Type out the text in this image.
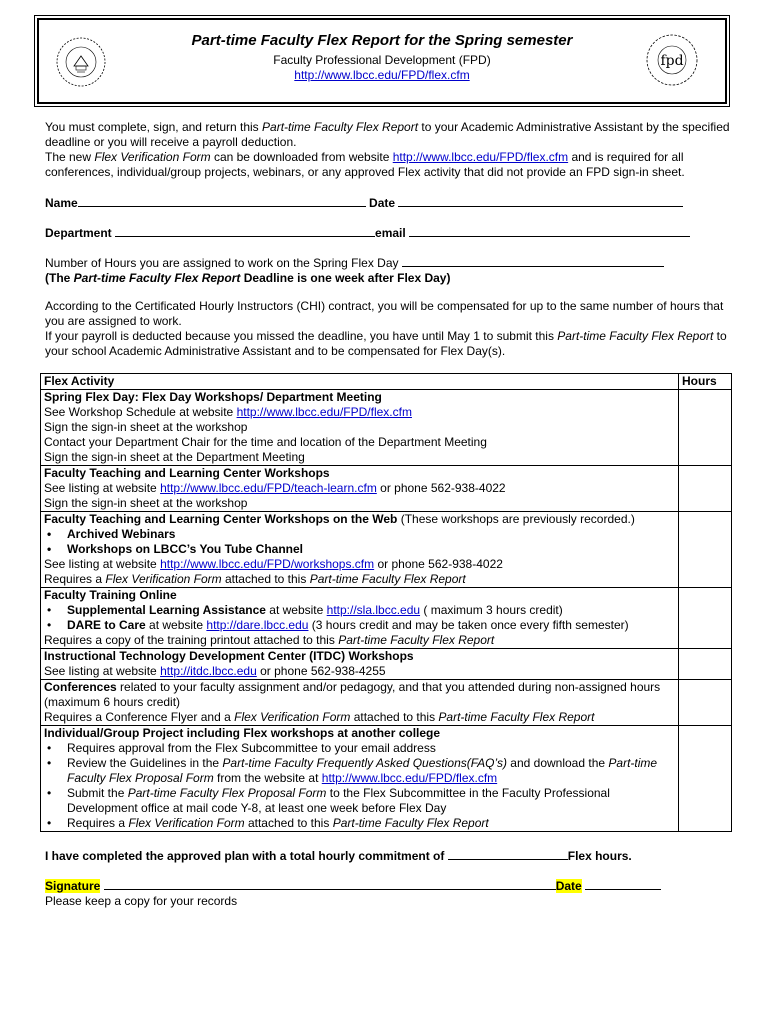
Part-time Faculty Flex Report for the Spring semester
Faculty Professional Development (FPD)
http://www.lbcc.edu/FPD/flex.cfm
fpd
You must complete, sign, and return this Part-time Faculty Flex Report to your Academic Administrative Assistant by the specified deadline or you will receive a payroll deduction.
The new Flex Verification Form can be downloaded from website http://www.lbcc.edu/FPD/flex.cfm and is required for all conferences, individual/group projects, webinars, or any approved Flex activity that did not provide an FPD sign-in sheet.
Name	Date
Department	email
Number of Hours you are assigned to work on the Spring Flex Day
(The Part-time Faculty Flex Report Deadline is one week after Flex Day)
According to the Certificated Hourly Instructors (CHI) contract, you will be compensated for up to the same number of hours that you are assigned to work.
If your payroll is deducted because you missed the deadline, you have until May 1 to submit this Part-time Faculty Flex Report to your school Academic Administrative Assistant and to be compensated for Flex Day(s).
Flex Activity	Hours

Spring Flex Day: Flex Day Workshops/ Department Meeting
See Workshop Schedule at website http://www.lbcc.edu/FPD/flex.cfm
Sign the sign-in sheet at the workshop
Contact your Department Chair for the time and location of the Department Meeting
Sign the sign-in sheet at the Department Meeting	

Faculty Teaching and Learning Center Workshops
See listing at website http://www.lbcc.edu/FPD/teach-learn.cfm or phone 562-938-4022
Sign the sign-in sheet at the workshop	

Faculty Teaching and Learning Center Workshops on the Web (These workshops are previously recorded.)
• Archived Webinars
• Workshops on LBCC’s You Tube Channel
See listing at website http://www.lbcc.edu/FPD/workshops.cfm or phone 562-938-4022
Requires a Flex Verification Form attached to this Part-time Faculty Flex Report

Faculty Training Online
• Supplemental Learning Assistance at website http://sla.lbcc.edu ( maximum 3 hours credit)
• DARE to Care at website http://dare.lbcc.edu (3 hours credit and may be taken once every fifth semester)
Requires a copy of the training printout attached to this Part-time Faculty Flex Report

Instructional Technology Development Center (ITDC) Workshops
See listing at website http://itdc.lbcc.edu or phone 562-938-4255	

Conferences related to your faculty assignment and/or pedagogy, and that you attended during non-assigned hours (maximum 6 hours credit)
Requires a Conference Flyer and a Flex Verification Form attached to this Part-time Faculty Flex Report	

Individual/Group Project including Flex workshops at another college
• Requires approval from the Flex Subcommittee to your email address
• Review the Guidelines in the Part-time Faculty Frequently Asked Questions(FAQ’s) and download the Part-time Faculty Flex Proposal Form from the website at http://www.lbcc.edu/FPD/flex.cfm
• Submit the Part-time Faculty Flex Proposal Form to the Flex Subcommittee in the Faculty Professional Development office at mail code Y-8, at least one week before Flex Day
• Requires a Flex Verification Form attached to this Part-time Faculty Flex Report

I have completed the approved plan with a total hourly commitment of	Flex hours.
Signature	Date
Please keep a copy for your records
